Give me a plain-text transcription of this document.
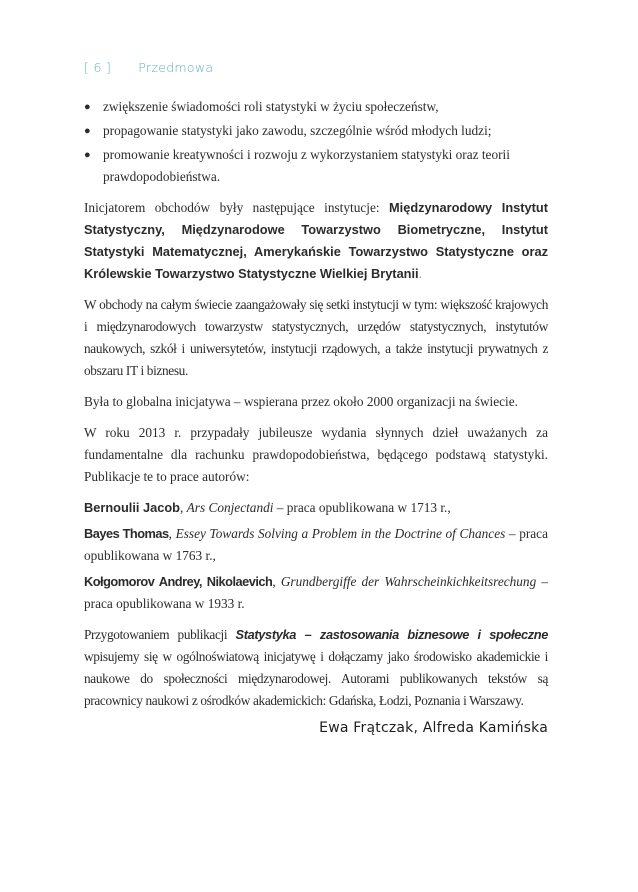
[ 6 ] Przedmowa
● zwiększenie świadomości roli statystyki w życiu społeczeństw,
● propagowanie statystyki jako zawodu, szczególnie wśród młodych ludzi;
● promowanie kreatywności i rozwoju z wykorzystaniem statystyki oraz teorii prawdopodobieństwa.

Inicjatorem obchodów były następujące instytucje: Międzynarodowy Instytut Statystyczny, Międzynarodowe Towarzystwo Biometryczne, Instytut Statystyki Matematycznej, Amerykańskie Towarzystwo Statystyczne oraz Królewskie Towarzystwo Statystyczne Wielkiej Brytanii.

W obchody na całym świecie zaangażowały się setki instytucji w tym: większość krajowych i międzynarodowych towarzystw statystycznych, urzędów statystycznych, instytutów naukowych, szkół i uniwersytetów, instytucji rządowych, a także instytucji prywatnych z obszaru IT i biznesu.

Była to globalna inicjatywa – wspierana przez około 2000 organizacji na świecie.

W roku 2013 r. przypadały jubileusze wydania słynnych dzieł uważanych za fundamentalne dla rachunku prawdopodobieństwa, będącego podstawą statystyki. Publikacje te to prace autorów:

Bernoulii Jacob, Ars Conjectandi – praca opublikowana w 1713 r.,

Bayes Thomas, Essey Towards Solving a Problem in the Doctrine of Chances – praca opublikowana w 1763 r.,

Kołgomorov Andrey, Nikolaevich, Grundbergiffe der Wahrscheinkichkeitsrechung – praca opublikowana w 1933 r.

Przygotowaniem publikacji Statystyka – zastosowania biznesowe i społeczne wpisujemy się w ogólnoświatową inicjatywę i dołączamy jako środowisko akademickie i naukowe do społeczności międzynarodowej. Autorami publikowanych tekstów są pracownicy naukowi z ośrodków akademickich: Gdańska, Łodzi, Poznania i Warszawy.

Ewa Frątczak, Alfreda Kamińska
